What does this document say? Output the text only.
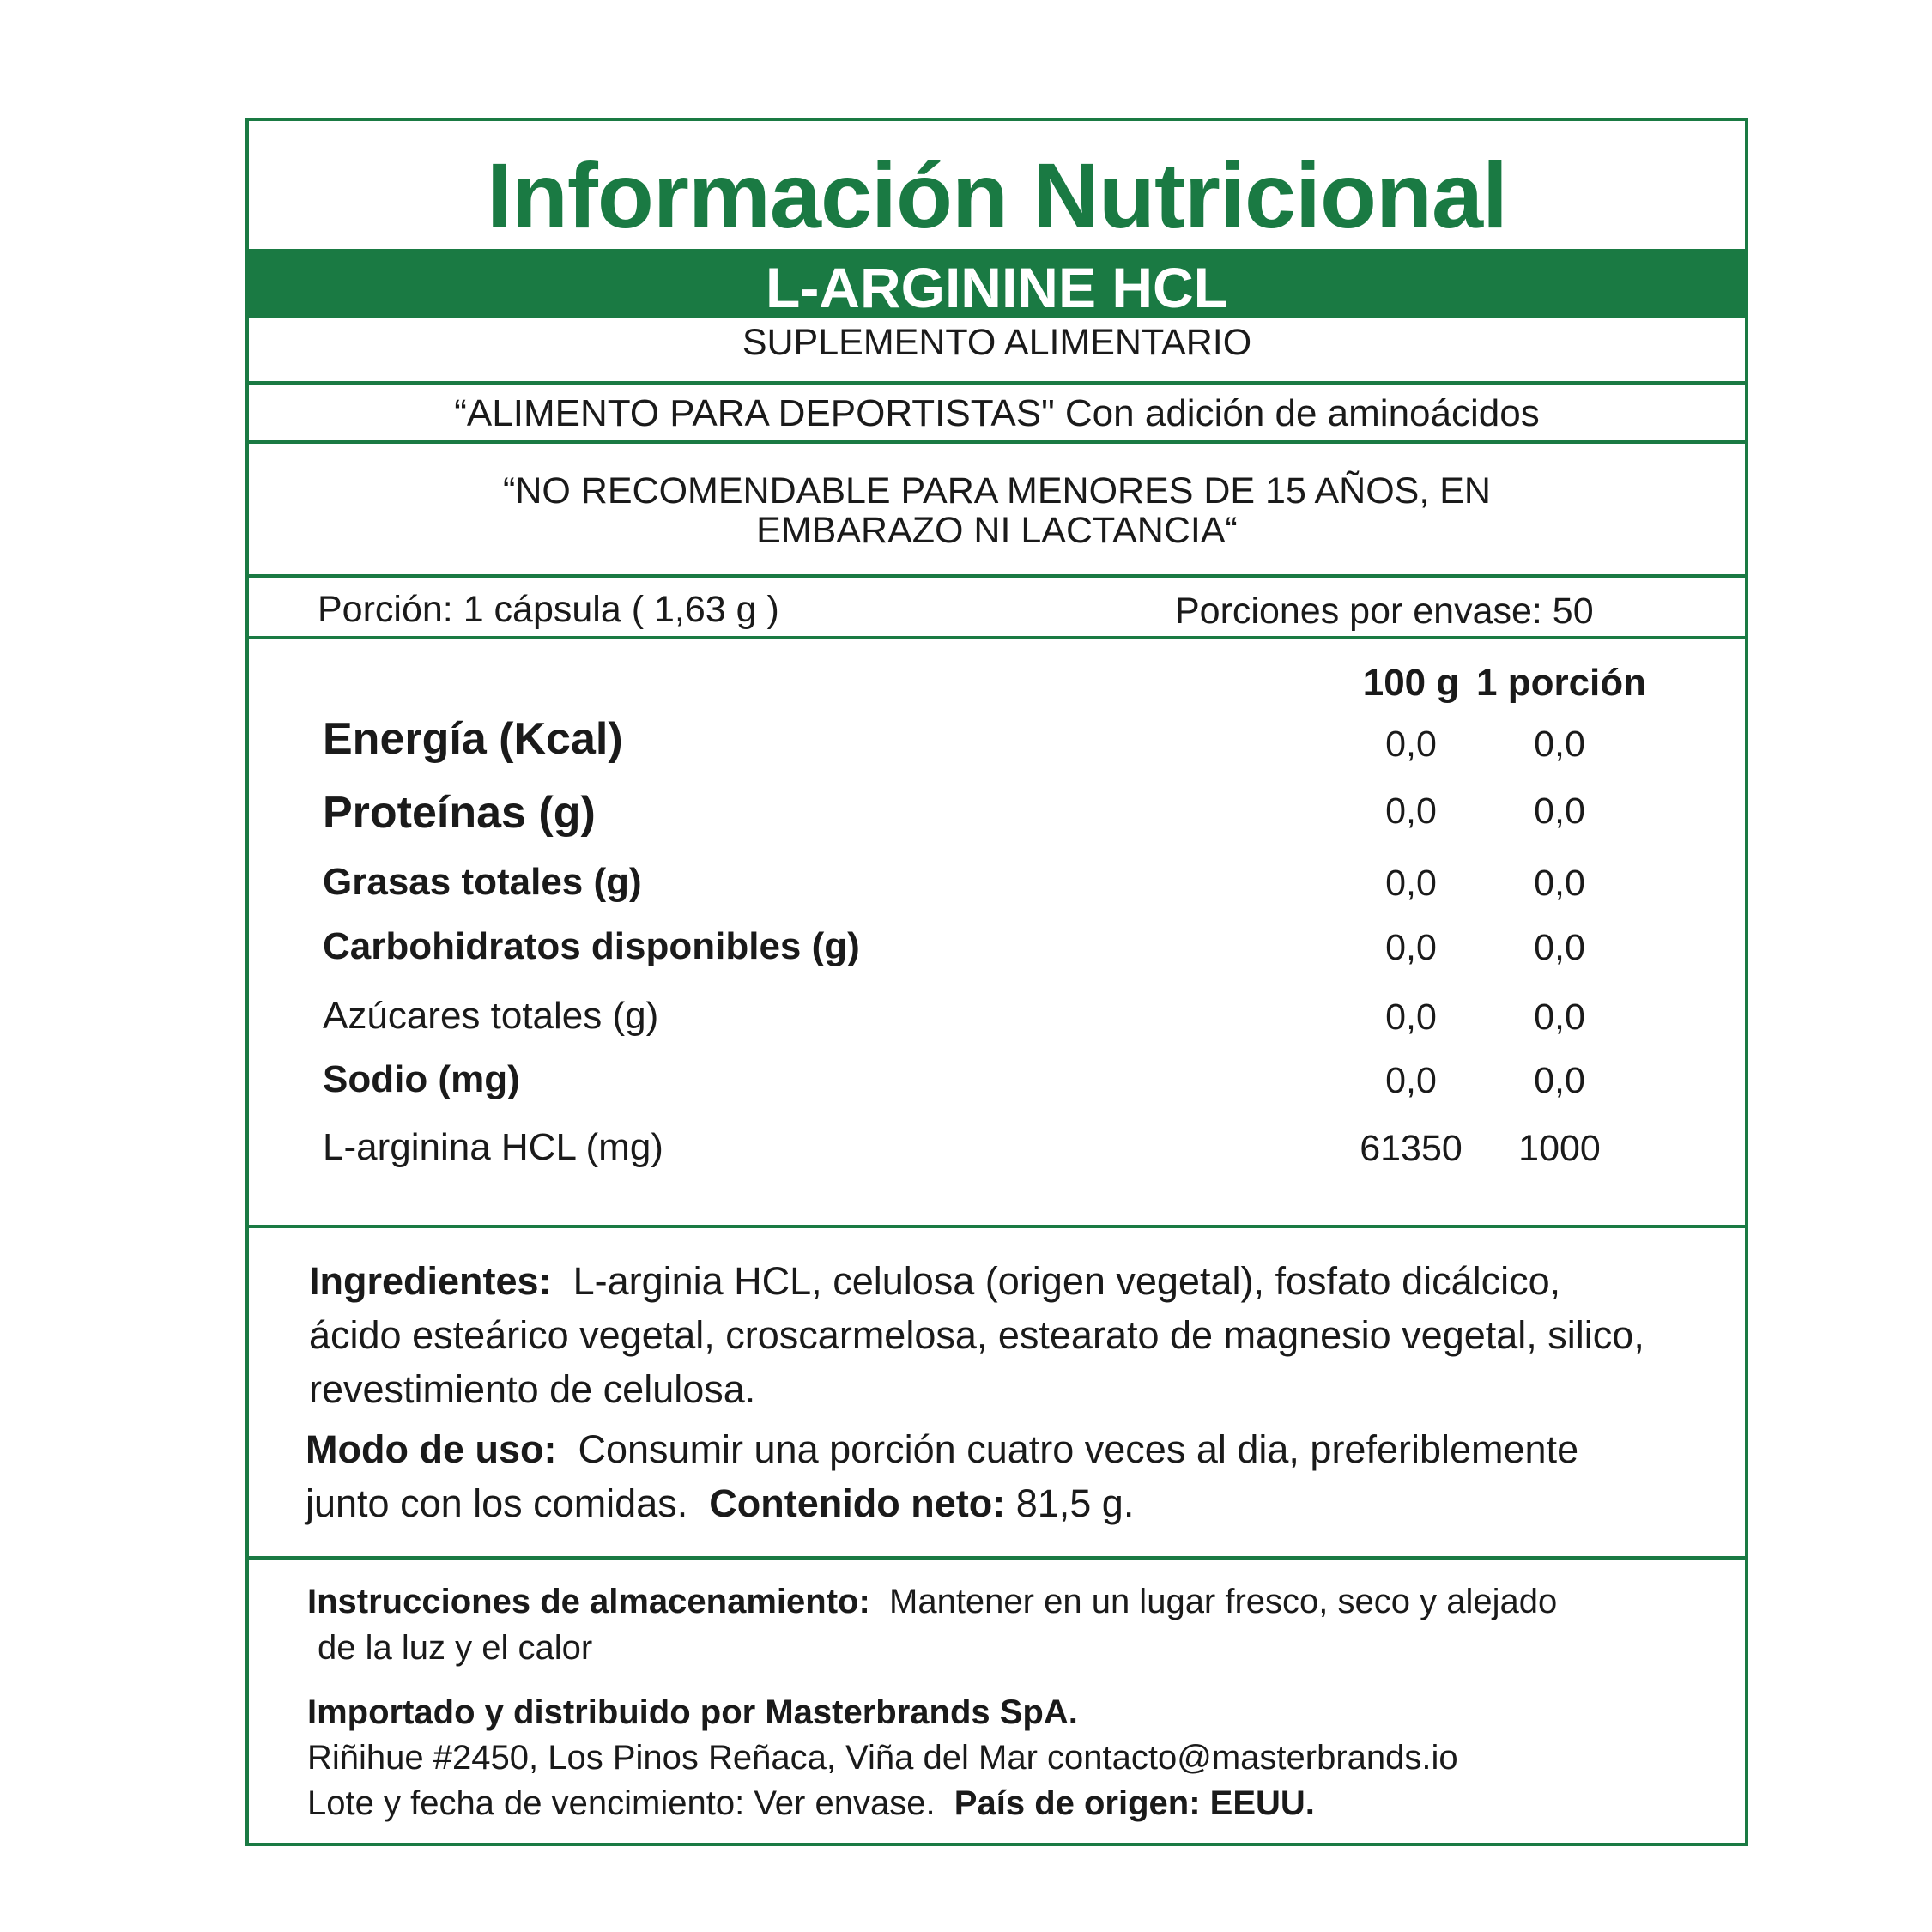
Información Nutricional
L-ARGININE HCL
SUPLEMENTO ALIMENTARIO
“ALIMENTO PARA DEPORTISTAS" Con adición de aminoácidos
“NO RECOMENDABLE PARA MENORES DE 15 AÑOS, EN
EMBARAZO NI LACTANCIA“
Porción: 1 cápsula ( 1,63 g )	Porciones por envase: 50
100 g 1 porción
Energía (Kcal)	0,0	0,0
Proteínas (g)	0,0	0,0
Grasas totales (g)	0,0	0,0
Carbohidratos disponibles (g)	0,0	0,0
Azúcares totales (g)	0,0	0,0
Sodio (mg)	0,0	0,0
L-arginina HCL (mg)	61350 1000
Ingredientes: L-arginia HCL, celulosa (origen vegetal), fosfato dicálcico,
ácido esteárico vegetal, croscarmelosa, estearato de magnesio vegetal, silico,
revestimiento de celulosa.
Modo de uso: Consumir una porción cuatro veces al dia, preferiblemente
junto con los comidas. Contenido neto: 81,5 g.
Instrucciones de almacenamiento: Mantener en un lugar fresco, seco y alejado
de la luz y el calor
Importado y distribuido por Masterbrands SpA.
Riñihue #2450, Los Pinos Reñaca, Viña del Mar contacto@masterbrands.io
Lote y fecha de vencimiento: Ver envase. País de origen: EEUU.
